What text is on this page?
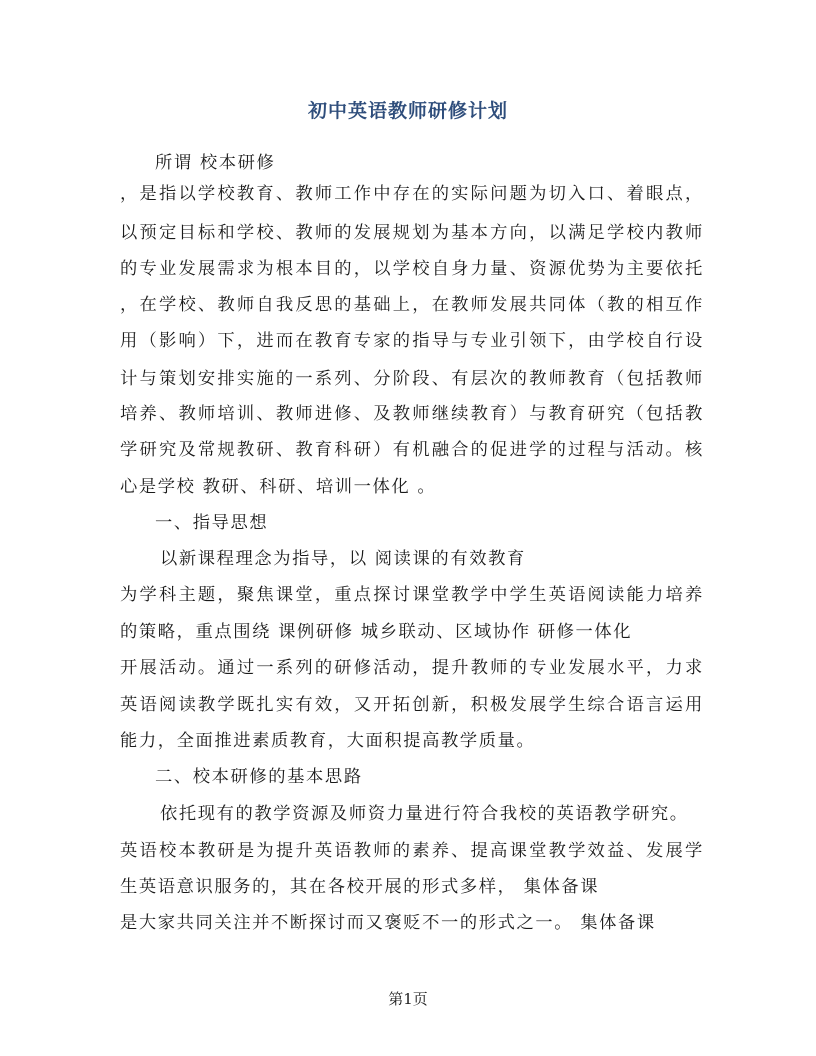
初中英语教师研修计划
所谓 校本研修
，是指以学校教育、教师工作中存在的实际问题为切入口、着眼点，
以预定目标和学校、教师的发展规划为基本方向，以满足学校内教师
的专业发展需求为根本目的，以学校自身力量、资源优势为主要依托
，在学校、教师自我反思的基础上，在教师发展共同体（教的相互作
用（影响）下，进而在教育专家的指导与专业引领下，由学校自行设
计与策划安排实施的一系列、分阶段、有层次的教师教育（包括教师
培养、教师培训、教师进修、及教师继续教育）与教育研究（包括教
学研究及常规教研、教育科研）有机融合的促进学的过程与活动。核
心是学校 教研、科研、培训一体化 。
一、指导思想
以新课程理念为指导，以 阅读课的有效教育
为学科主题，聚焦课堂，重点探讨课堂教学中学生英语阅读能力培养
的策略，重点围绕 课例研修 城乡联动、区域协作 研修一体化
开展活动。通过一系列的研修活动，提升教师的专业发展水平，力求
英语阅读教学既扎实有效，又开拓创新，积极发展学生综合语言运用
能力，全面推进素质教育，大面积提高教学质量。
二、校本研修的基本思路
依托现有的教学资源及师资力量进行符合我校的英语教学研究。
英语校本教研是为提升英语教师的素养、提高课堂教学效益、发展学
生英语意识服务的，其在各校开展的形式多样， 集体备课
是大家共同关注并不断探讨而又褒贬不一的形式之一。 集体备课
第1页
